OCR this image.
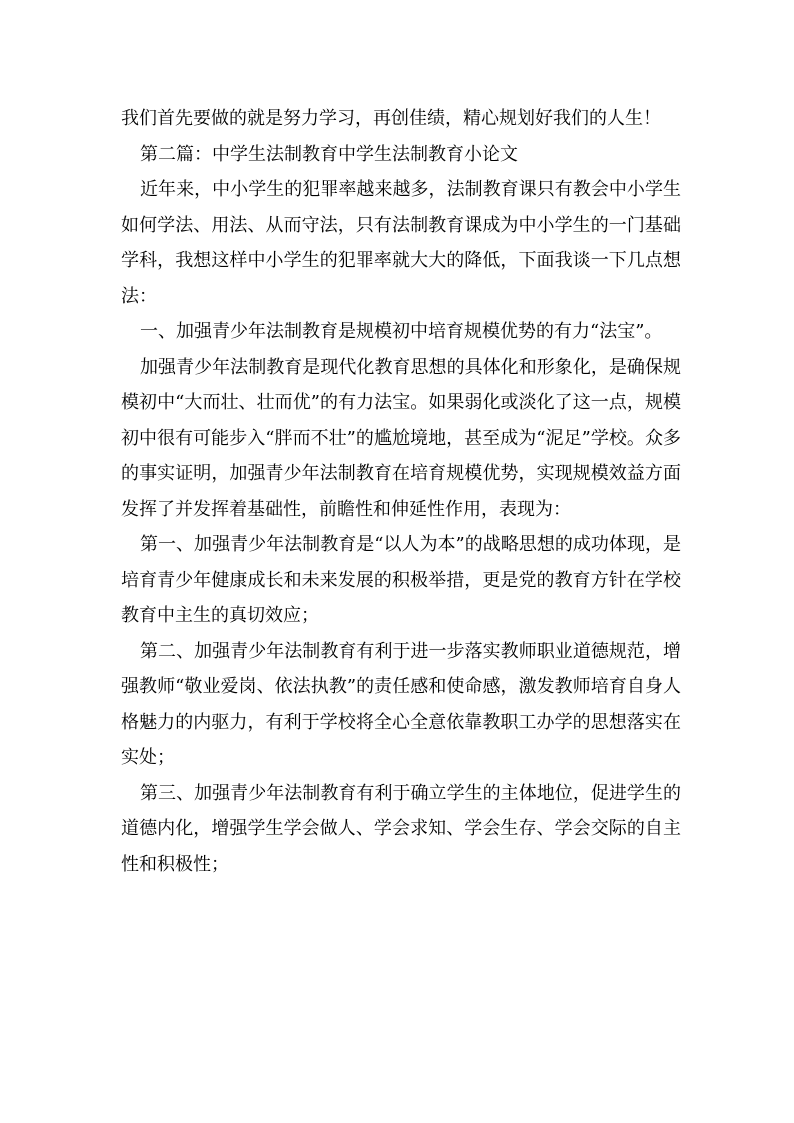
我们首先要做的就是努力学习，再创佳绩，精心规划好我们的人生！

第二篇：中学生法制教育中学生法制教育小论文

近年来，中小学生的犯罪率越来越多，法制教育课只有教会中小学生如何学法、用法、从而守法，只有法制教育课成为中小学生的一门基础学科，我想这样中小学生的犯罪率就大大的降低，下面我谈一下几点想法：

一、加强青少年法制教育是规模初中培育规模优势的有力“法宝”。

加强青少年法制教育是现代化教育思想的具体化和形象化，是确保规模初中“大而壮、壮而优”的有力法宝。如果弱化或淡化了这一点，规模初中很有可能步入“胖而不壮”的尴尬境地，甚至成为“泥足”学校。众多的事实证明，加强青少年法制教育在培育规模优势，实现规模效益方面发挥了并发挥着基础性，前瞻性和伸延性作用，表现为：

第一、加强青少年法制教育是“以人为本”的战略思想的成功体现，是培育青少年健康成长和未来发展的积极举措，更是党的教育方针在学校教育中主生的真切效应；

第二、加强青少年法制教育有利于进一步落实教师职业道德规范，增强教师“敬业爱岗、依法执教”的责任感和使命感，激发教师培育自身人格魅力的内驱力，有利于学校将全心全意依靠教职工办学的思想落实在实处；

第三、加强青少年法制教育有利于确立学生的主体地位，促进学生的道德内化，增强学生学会做人、学会求知、学会生存、学会交际的自主性和积极性；
